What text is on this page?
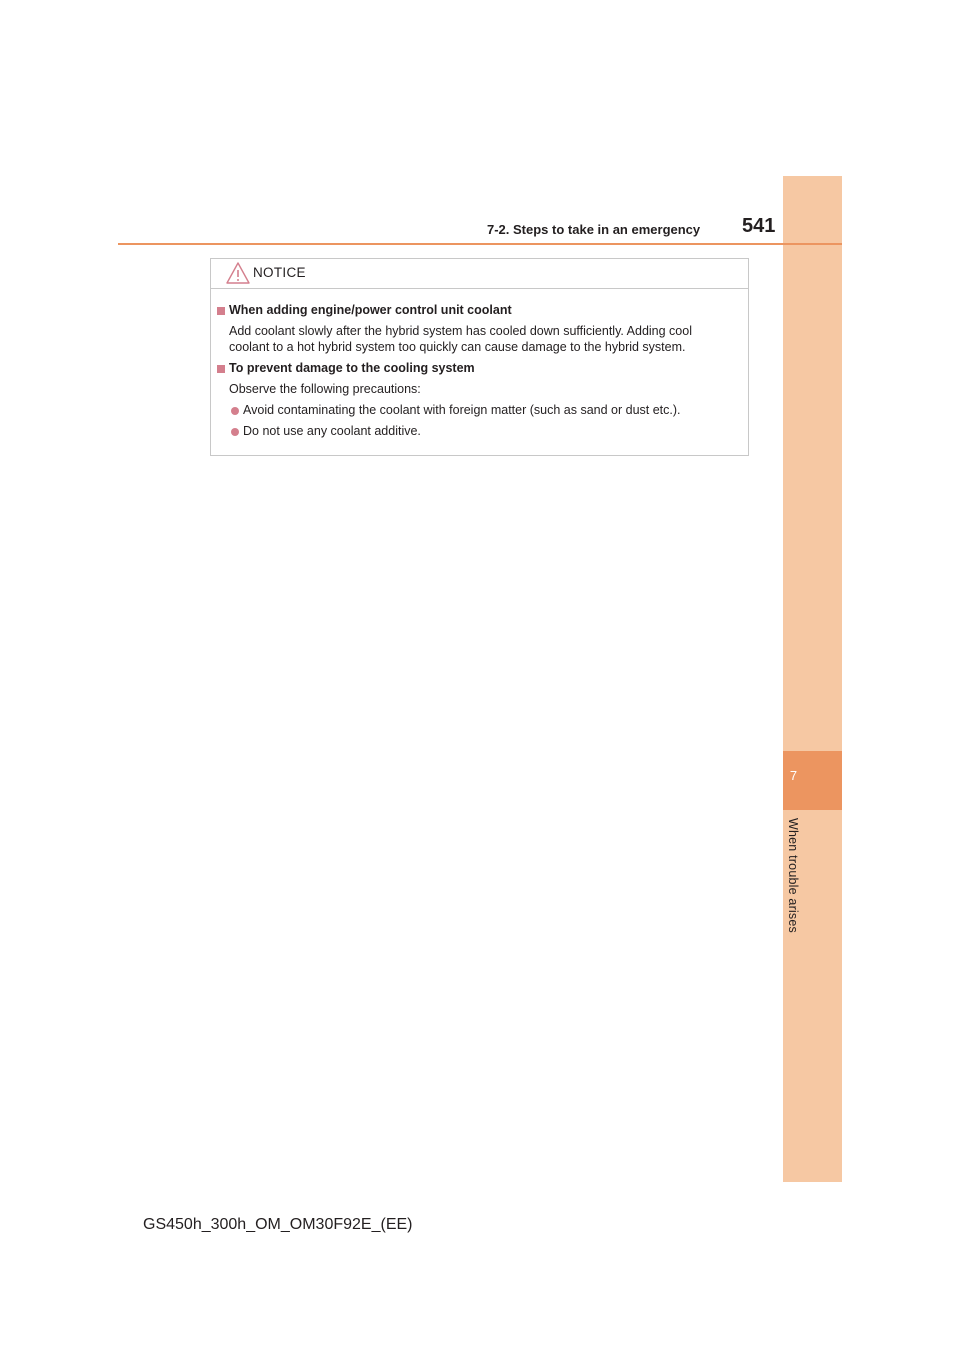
7
When trouble arises
7-2. Steps to take in an emergency 541
NOTICE
When adding engine/power control unit coolant
Add coolant slowly after the hybrid system has cooled down sufficiently. Adding cool
coolant to a hot hybrid system too quickly can cause damage to the hybrid system.
To prevent damage to the cooling system
Observe the following precautions:
Avoid contaminating the coolant with foreign matter (such as sand or dust etc.).
Do not use any coolant additive.
GS450h_300h_OM_OM30F92E_(EE)
